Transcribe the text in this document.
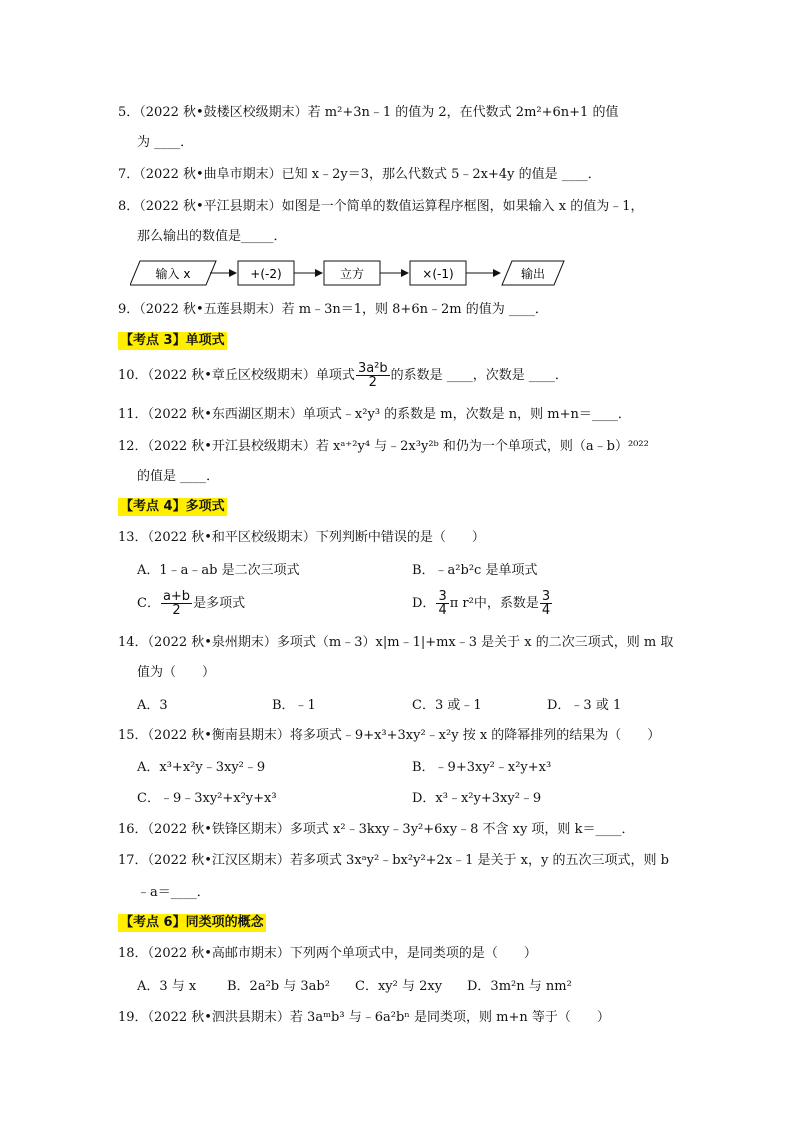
5．（2022 秋•鼓楼区校级期末）若 m²+3n﹣1 的值为 2，在代数式 2m²+6n+1 的值
为 ____．
7．（2022 秋•曲阜市期末）已知 x﹣2y＝3，那么代数式 5﹣2x+4y 的值是 ____．
8．（2022 秋•平江县期末）如图是一个简单的数值运算程序框图，如果输入 x 的值为﹣1，
那么输出的数值是_____．
输入 x	+(-2)	立方	×(-1)	输出
9．（2022 秋•五莲县期末）若 m﹣3n＝1，则 8+6n﹣2m 的值为 ____．
【考点 3】单项式
10．（2022 秋•章丘区校级期末）单项式 $\frac{\text{3a²b}}{2}$ 的系数是 ____，次数是 ____．
11．（2022 秋•东西湖区期末）单项式﹣x²y³ 的系数是 m，次数是 n，则 m+n＝____．
12．（2022 秋•开江县校级期末）若 xᵃ⁺²y⁴ 与﹣2x³y²ᵇ 和仍为一个单项式，则（a﹣b）²⁰²²
的值是 ____．
【考点 4】多项式
13．（2022 秋•和平区校级期末）下列判断中错误的是（　　）
A．1﹣a﹣ab 是二次三项式	B．﹣a²b²c 是单项式
C． $\frac{a+b}{2}$ 是多项式	D． $\frac{3}{4}$ π r²中，系数是 $\frac{3}{4}$
14．（2022 秋•泉州期末）多项式（m﹣3）x|m﹣1|+mx﹣3 是关于 x 的二次三项式，则 m 取
值为（　　）
A．3	B．﹣1	C．3 或﹣1	D．﹣3 或 1
15．（2022 秋•衡南县期末）将多项式﹣9+x³+3xy²﹣x²y 按 x 的降幂排列的结果为（　　）
A．x³+x²y﹣3xy²﹣9	B．﹣9+3xy²﹣x²y+x³
C．﹣9﹣3xy²+x²y+x³	D．x³﹣x²y+3xy²﹣9
16．（2022 秋•铁锋区期末）多项式 x²﹣3kxy﹣3y²+6xy﹣8 不含 xy 项，则 k＝____．
17．（2022 秋•江汉区期末）若多项式 3xᵃy²﹣bx²y²+2x﹣1 是关于 x，y 的五次三项式，则 b
﹣a＝____．
【考点 6】同类项的概念
18．（2022 秋•高邮市期末）下列两个单项式中，是同类项的是（　　）
A．3 与 x B．2a²b 与 3ab² C．xy² 与 2xy D．3m²n 与 nm²
19．（2022 秋•泗洪县期末）若 3aᵐb³ 与﹣6a²bⁿ 是同类项，则 m+n 等于（　　）
